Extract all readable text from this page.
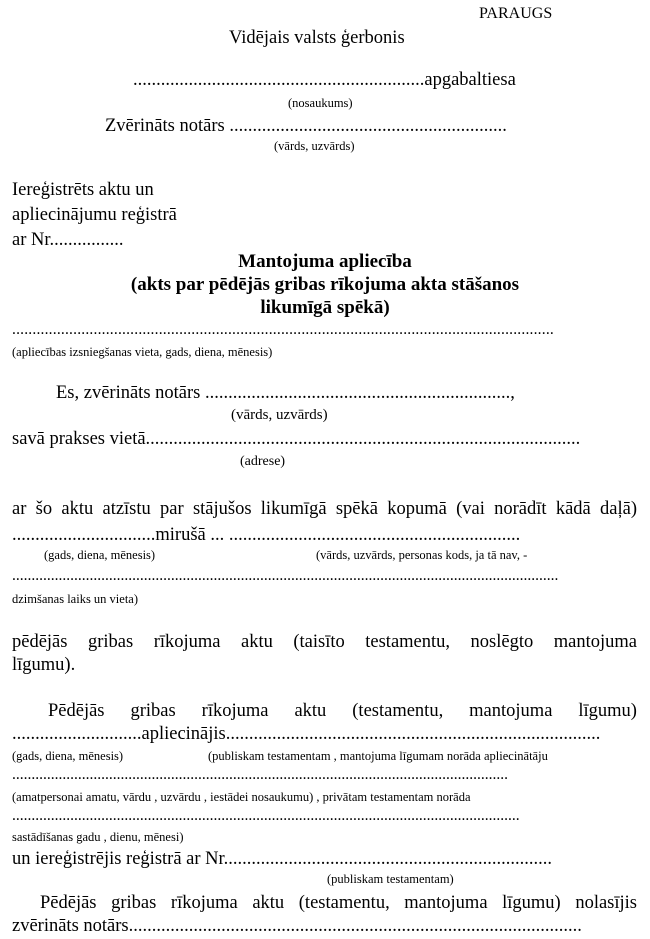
PARAUGS
Vidējais valsts ģerbonis
...............................................................apgabaltiesa
(nosaukums)
Zvērināts notārs ............................................................
(vārds, uzvārds)
Iereģistrēts aktu un
apliecinājumu reģistrā
ar Nr................
Mantojuma apliecība
(akts par pēdējās gribas rīkojuma akta stāšanos
likumīgā spēkā)
.....................................................................................................................................
(apliecības izsniegšanas vieta, gads, diena, mēnesis)
Es, zvērināts notārs ..................................................................,
(vārds, uzvārds)
savā prakses vietā..............................................................................................
(adrese)
ar šo aktu atzīstu par stājušos likumīgā spēkā kopumā (vai norādīt kādā daļā)
...............................mirušā ... ...............................................................
(gads, diena, mēnesis)	(vārds, uzvārds, personas kods, ja tā nav, -
.............................................................................................................................................
dzimšanas laiks un vieta)
pēdējās gribas rīkojuma aktu (taisīto testamentu, noslēgto mantojuma
līgumu).
Pēdējās gribas rīkojuma aktu (testamentu, mantojuma līgumu)
............................apliecinājis.................................................................................
(gads, diena, mēnesis)	(publiskam testamentam , mantojuma līgumam norāda apliecinātāju
................................................................................................................................
(amatpersonai amatu, vārdu , uzvārdu , iestādei nosaukumu) , privātam testamentam norāda
...................................................................................................................................
sastādīšanas gadu , dienu, mēnesi)
un iereģistrējis reģistrā ar Nr.......................................................................
(publiskam testamentam)
Pēdējās gribas rīkojuma aktu (testamentu, mantojuma līgumu) nolasījis
zvērināts notārs..................................................................................................
